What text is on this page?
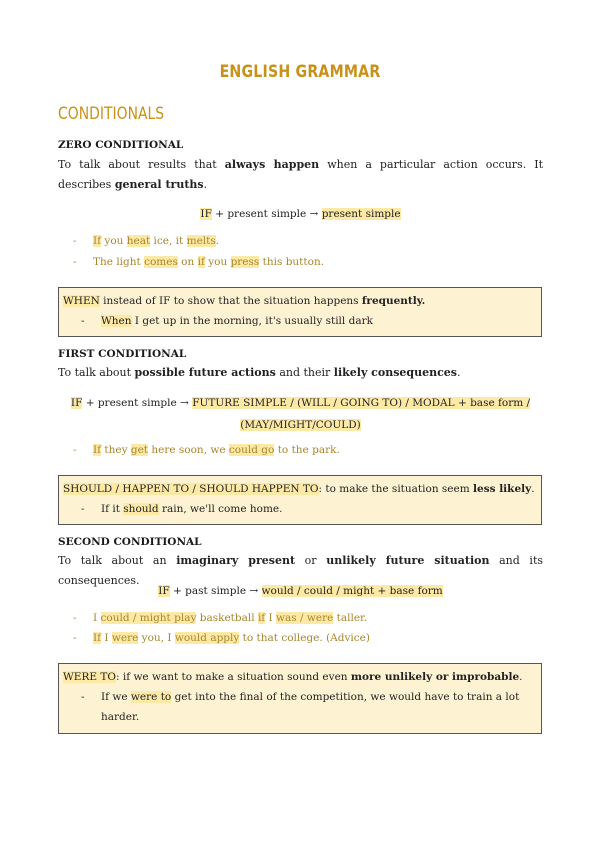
ENGLISH GRAMMAR
CONDITIONALS
ZERO CONDITIONAL
To talk about results that always happen when a particular action occurs. It describes general truths.
IF + present simple → present simple
- If you heat ice, it melts.
- The light comes on if you press this button.
WHEN instead of IF to show that the situation happens frequently.
- When I get up in the morning, it's usually still dark
FIRST CONDITIONAL
To talk about possible future actions and their likely consequences.
IF + present simple → FUTURE SIMPLE / (WILL / GOING TO) / MODAL + base form /
(MAY/MIGHT/COULD)
- If they get here soon, we could go to the park.
SHOULD / HAPPEN TO / SHOULD HAPPEN TO: to make the situation seem less likely.
- If it should rain, we'll come home.
SECOND CONDITIONAL
To talk about an imaginary present or unlikely future situation and its consequences.
IF + past simple → would / could / might + base form
- I could / might play basketball if I was / were taller.
- If I were you, I would apply to that college. (Advice)
WERE TO: if we want to make a situation sound even more unlikely or improbable.
- If we were to get into the final of the competition, we would have to train a lot
harder.
